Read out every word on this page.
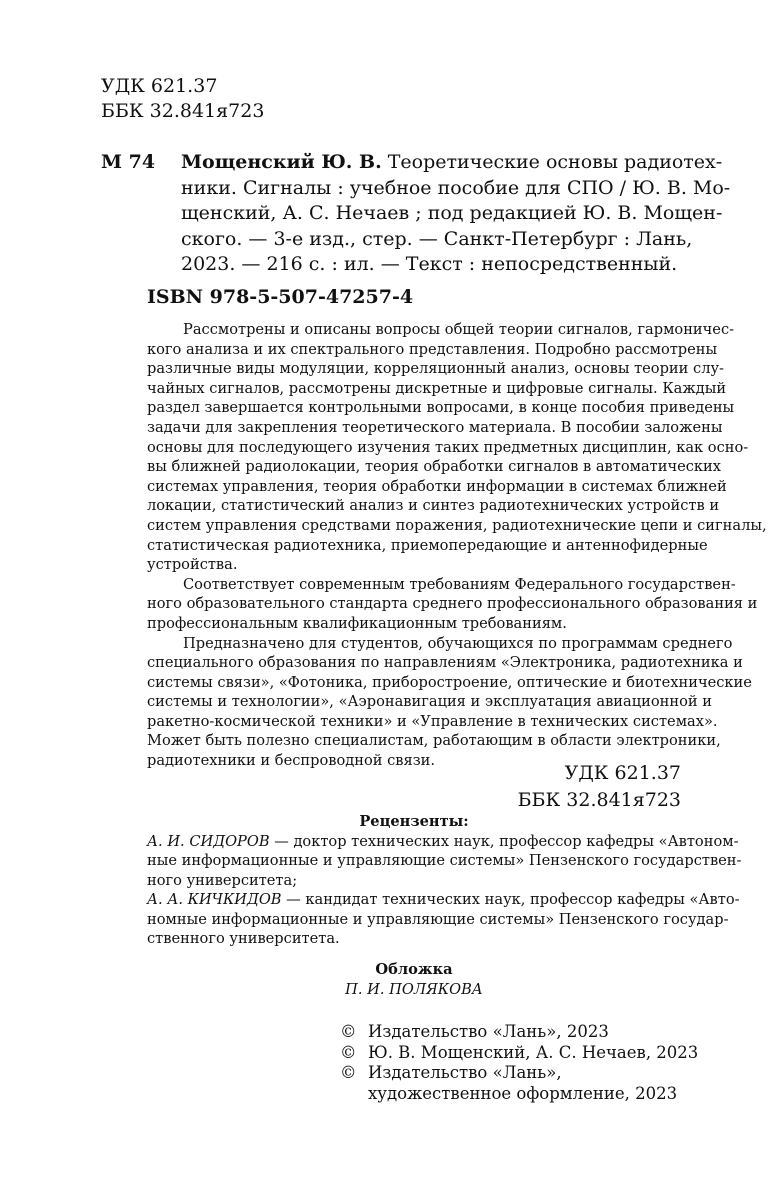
УДК 621.37
ББК 32.841я723
М 74 Мощенский Ю. В. Теоретические основы радиотех-
ники. Сигналы : учебное пособие для СПО / Ю. В. Мо-
щенский, А. С. Нечаев ; под редакцией Ю. В. Мощен-
ского. — 3-е изд., стер. — Санкт-Петербург : Лань,
2023. — 216 с. : ил. — Текст : непосредственный.
ISBN 978-5-507-47257-4
Рассмотрены и описаны вопросы общей теории сигналов, гармоничес-
кого анализа и их спектрального представления. Подробно рассмотрены
различные виды модуляции, корреляционный анализ, основы теории слу-
чайных сигналов, рассмотрены дискретные и цифровые сигналы. Каждый
раздел завершается контрольными вопросами, в конце пособия приведены
задачи для закрепления теоретического материала. В пособии заложены
основы для последующего изучения таких предметных дисциплин, как осно-
вы ближней радиолокации, теория обработки сигналов в автоматических
системах управления, теория обработки информации в системах ближней
локации, статистический анализ и синтез радиотехнических устройств и
систем управления средствами поражения, радиотехнические цепи и сигналы,
статистическая радиотехника, приемопередающие и антеннофидерные
устройства.
Соответствует современным требованиям Федерального государствен-
ного образовательного стандарта среднего профессионального образования и
профессиональным квалификационным требованиям.
Предназначено для студентов, обучающихся по программам среднего
специального образования по направлениям «Электроника, радиотехника и
системы связи», «Фотоника, приборостроение, оптические и биотехнические
системы и технологии», «Аэронавигация и эксплуатация авиационной и
ракетно-космической техники» и «Управление в технических системах».
Может быть полезно специалистам, работающим в области электроники,
радиотехники и беспроводной связи.
УДК 621.37
ББК 32.841я723
Рецензенты:
А. И. СИДОРОВ — доктор технических наук, профессор кафедры «Автоном-
ные информационные и управляющие системы» Пензенского государствен-
ного университета;
А. А. КИЧКИДОВ — кандидат технических наук, профессор кафедры «Авто-
номные информационные и управляющие системы» Пензенского государ-
ственного университета.
Обложка
П. И. ПОЛЯКОВА
© Издательство «Лань», 2023
© Ю. В. Мощенский, А. С. Нечаев, 2023
© Издательство «Лань»,
художественное оформление, 2023
